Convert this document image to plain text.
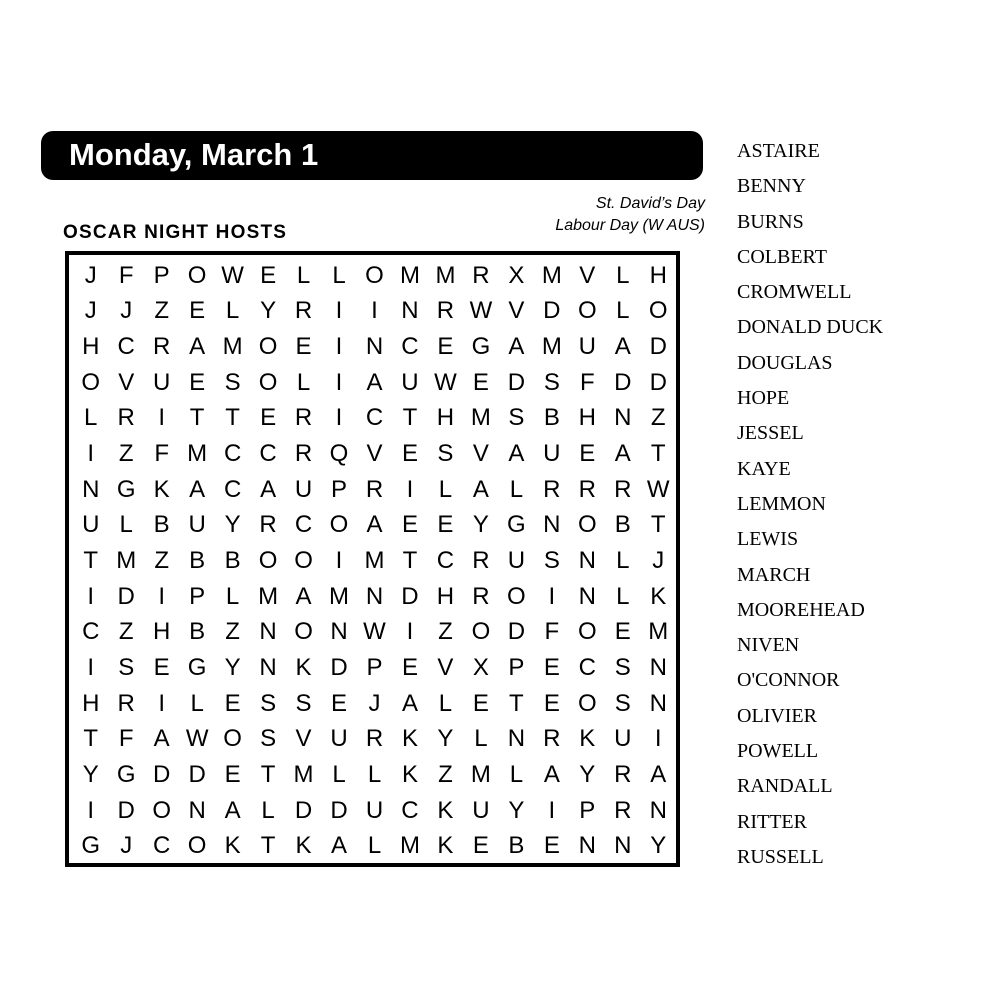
Monday, March 1
St. David’s Day
Labour Day (W AUS)
OSCAR NIGHT HOSTS
J F P O W E L L O M M R X M V L H
J J Z E L Y R I	I N R W V D O L O
H C R A M O E	I N C E G A M U A D
O V U E S O L	I	A U W E D S F D D
L R I	T T E R I C T H M S B H N Z
I	Z F M C C R Q V E S V A U E A T
N G K A C A U P R I	L A L R R R W
U L B U Y R C O A E E Y G N O B T
T M Z B B O O I M T C R U S N L J
I D I	P L M A M N D H R O I N L K
C Z H B Z N O N W I	Z O D F O E M
I	S E G Y N K D P E V X P E C S N
H R I	L E S S E J A L E T E O S N
T F A W O S V U R K Y L N R K U I
Y G D D E T M L L K Z M L A Y R A
I D O N A L D D U C K U Y	I	P R N
G J C O K T K A L M K E B E N N Y
ASTAIRE
BENNY
BURNS
COLBERT
CROMWELL
DONALD DUCK
DOUGLAS
HOPE
JESSEL
KAYE
LEMMON
LEWIS
MARCH
MOOREHEAD
NIVEN
O'CONNOR
OLIVIER
POWELL
RANDALL
RITTER
RUSSELL
